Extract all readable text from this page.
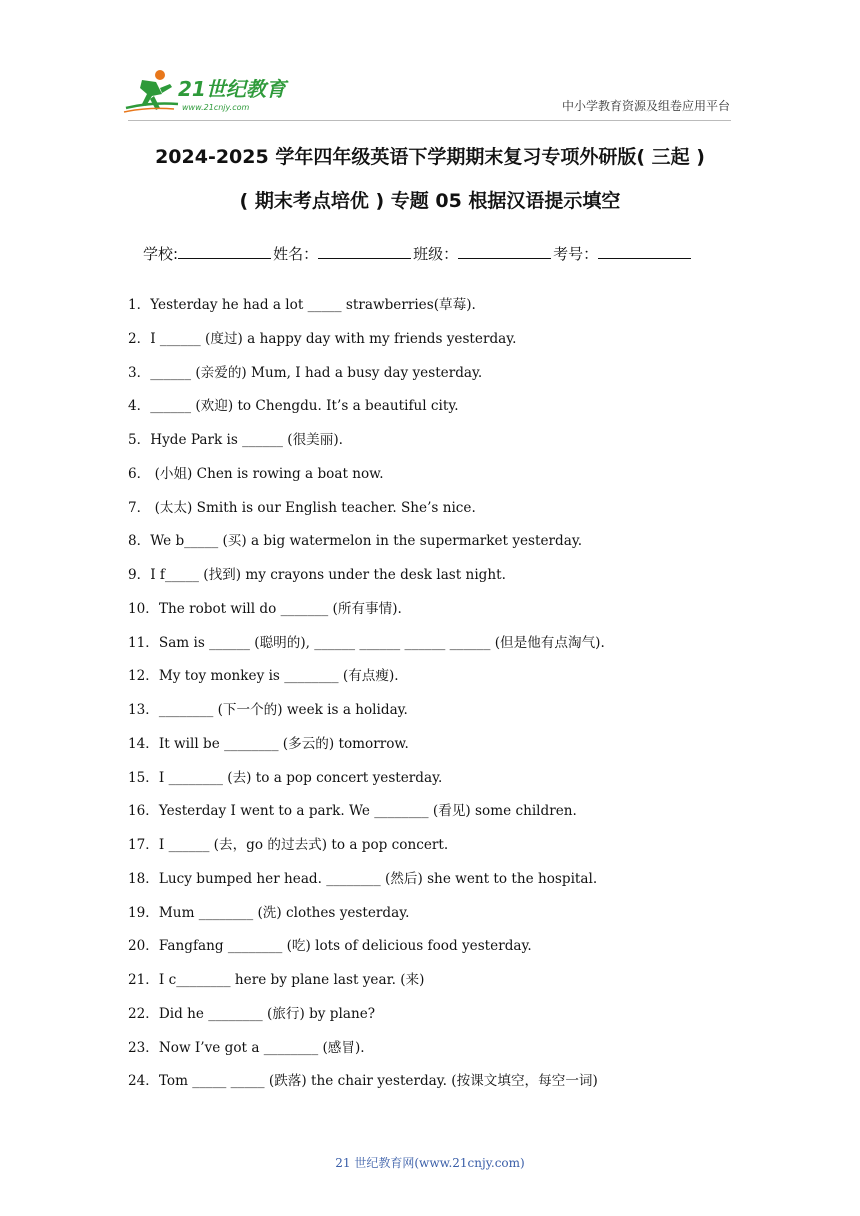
21世纪教育
www.21cnjy.com	中小学教育资源及组卷应用平台
2024-2025 学年四年级英语下学期期末复习专项外研版( 三起 )
( 期末考点培优 ) 专题 05 根据汉语提示填空
学校:	姓名：	班级：	考号：
1．Yesterday he had a lot _____ strawberries(草莓).
2．I ______ (度过) a happy day with my friends yesterday.
3．______ (亲爱的) Mum, I had a busy day yesterday.
4．______ (欢迎) to Chengdu. It’s a beautiful city.
5．Hyde Park is ______ (很美丽).
6． (小姐) Chen is rowing a boat now.
7． (太太) Smith is our English teacher. She’s nice.
8．We b_____ (买) a big watermelon in the supermarket yesterday.
9．I f_____ (找到) my crayons under the desk last night.
10．The robot will do _______ (所有事情).
11．Sam is ______ (聪明的), ______ ______ ______ ______ (但是他有点淘气).
12．My toy monkey is ________ (有点瘦).
13．________ (下一个的) week is a holiday.
14．It will be ________ (多云的) tomorrow.
15．I ________ (去) to a pop concert yesterday.
16．Yesterday I went to a park. We ________ (看见) some children.
17．I ______ (去，go 的过去式) to a pop concert.
18．Lucy bumped her head. ________ (然后) she went to the hospital.
19．Mum ________ (洗) clothes yesterday.
20．Fangfang ________ (吃) lots of delicious food yesterday.
21．I c________ here by plane last year. (来)
22．Did he ________ (旅行) by plane?
23．Now I’ve got a ________ (感冒).
24．Tom _____ _____ (跌落) the chair yesterday. (按课文填空，每空一词)
21 世纪教育网(www.21cnjy.com)
